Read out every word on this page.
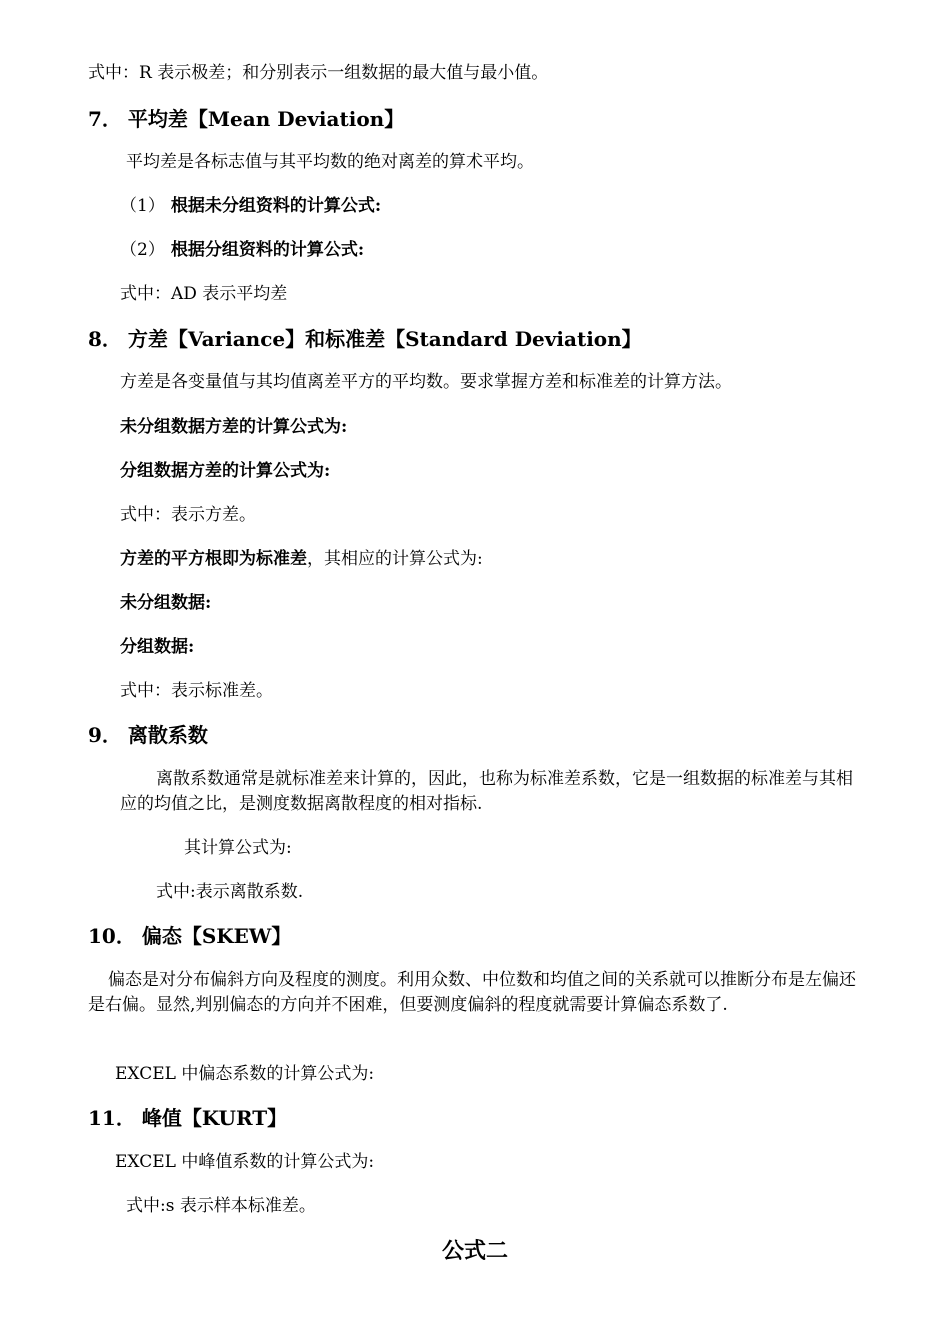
式中：R 表示极差；和分别表示一组数据的最大值与最小值。
7． 平均差【Mean Deviation】
平均差是各标志值与其平均数的绝对离差的算术平均。
（1） 根据未分组资料的计算公式:
（2） 根据分组资料的计算公式:
式中：AD 表示平均差
8． 方差【Variance】和标准差【Standard Deviation】
方差是各变量值与其均值离差平方的平均数。要求掌握方差和标准差的计算方法。
未分组数据方差的计算公式为:
分组数据方差的计算公式为:
式中：表示方差。
方差的平方根即为标准差，其相应的计算公式为:
未分组数据:
分组数据:
式中：表示标准差。
9． 离散系数
离散系数通常是就标准差来计算的，因此，也称为标准差系数，它是一组数据的标准差与其相应的均值之比，是测度数据离散程度的相对指标.
其计算公式为:
式中:表示离散系数.
10． 偏态【SKEW】
偏态是对分布偏斜方向及程度的测度。利用众数、中位数和均值之间的关系就可以推断分布是左偏还是右偏。显然,判别偏态的方向并不困难，但要测度偏斜的程度就需要计算偏态系数了.
EXCEL 中偏态系数的计算公式为:
11． 峰值【KURT】
EXCEL 中峰值系数的计算公式为:
式中:s 表示样本标准差。
公式二
